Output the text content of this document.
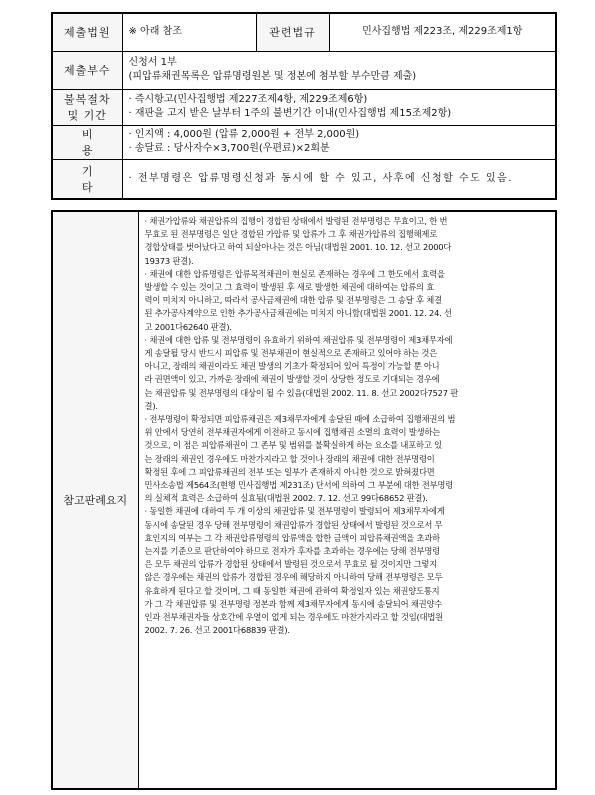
제출법원	※ 아래 참조	관련법규	민사집행법 제223조, 제229조제1항
제출부수	신청서 1부
(피압류채권목록은 압류명령원본 및 정본에 첨부할 부수만큼 제출)		

불복절차
및 기간	· 즉시항고(민사집행법 제227조제4항, 제229조제6항)
· 재판을 고지 받은 날부터 1주의 불변기간 이내(민사집행법 제15조제2항)		

비 용	· 인지액 : 4,000원 (압류 2,000원 + 전부 2,000원)
· 송달료 : 당사자수×3,700원(우편료)×2회분		

기 타	· 전부명령은 압류명령신청과 동시에 할 수 있고, 사후에 신청할 수도 있음.		
참고판례요지	
· 채권가압류와 채권압류의 집행이 경합된 상태에서 발령된 전부명령은 무효이고, 한 번
무효로 된 전부명령은 일단 경합된 가압류 및 압류가 그 후 채권가압류의 집행해제로
경합상태를 벗어났다고 하여 되살아나는 것은 아님(대법원 2001. 10. 12. 선고 2000다
19373 판결).
· 채권에 대한 압류명령은 압류목적채권이 현실로 존재하는 경우에 그 한도에서 효력을
발생할 수 있는 것이고 그 효력이 발생된 후 새로 발생한 채권에 대하여는 압류의 효
력이 미치지 아니하고, 따라서 공사금채권에 대한 압류 및 전부명령은 그 송달 후 체결
된 추가공사계약으로 인한 추가공사금채권에는 미치지 아니함(대법원 2001. 12. 24. 선
고 2001다62640 판결).
· 채권에 대한 압류 및 전부명령이 유효하기 위하여 채권압류 및 전부명령이 제3채무자에
게 송달될 당시 반드시 피압류 및 전부채권이 현실적으로 존재하고 있어야 하는 것은
아니고, 장래의 채권이라도 채권 발생의 기초가 확정되어 있어 특정이 가능할 뿐 아니
라 권면액이 있고, 가까운 장래에 채권이 발생할 것이 상당한 정도로 기대되는 경우에
는 채권압류 및 전부명령의 대상이 될 수 있음(대법원 2002. 11. 8. 선고 2002다7527 판
결).
· 전부명령이 확정되면 피압류채권은 제3채무자에게 송달된 때에 소급하여 집행채권의 범
위 안에서 당연히 전부채권자에게 이전하고 동시에 집행채권 소멸의 효력이 발생하는
것으로, 이 점은 피압류채권이 그 존부 및 범위를 불확실하게 하는 요소를 내포하고 있
는 장래의 채권인 경우에도 마찬가지라고 할 것이나 장래의 채권에 대한 전부명령이
확정된 후에 그 피압류채권의 전부 또는 일부가 존재하지 아니한 것으로 밝혀졌다면
민사소송법 제564조(현행 민사집행법 제231조) 단서에 의하여 그 부분에 대한 전부명령
의 실체적 효력은 소급하여 실효됨(대법원 2002. 7. 12. 선고 99다68652 판결).
· 동일한 채권에 대하여 두 개 이상의 채권압류 및 전부명령이 발령되어 제3채무자에게
동시에 송달된 경우 당해 전부명령이 채권압류가 경합된 상태에서 발령된 것으로서 무
효인지의 여부는 그 각 채권압류명령의 압류액을 합한 금액이 피압류채권액을 초과하
는지를 기준으로 판단하여야 하므로 전자가 후자를 초과하는 경우에는 당해 전부명령
은 모두 채권의 압류가 경합된 상태에서 발령된 것으로서 무효로 될 것이지만 그렇지
않은 경우에는 채권의 압류가 경합된 경우에 해당하지 아니하여 당해 전부명령은 모두
유효하게 된다고 할 것이며, 그 때 동일한 채권에 관하여 확정일자 있는 채권양도통지
가 그 각 채권압류 및 전부명령 정본과 함께 제3채무자에게 동시에 송달되어 채권양수
인과 전부채권자들 상호간에 우열이 없게 되는 경우에도 마찬가지라고 할 것임(대법원
2002. 7. 26. 선고 2001다68839 판결).
